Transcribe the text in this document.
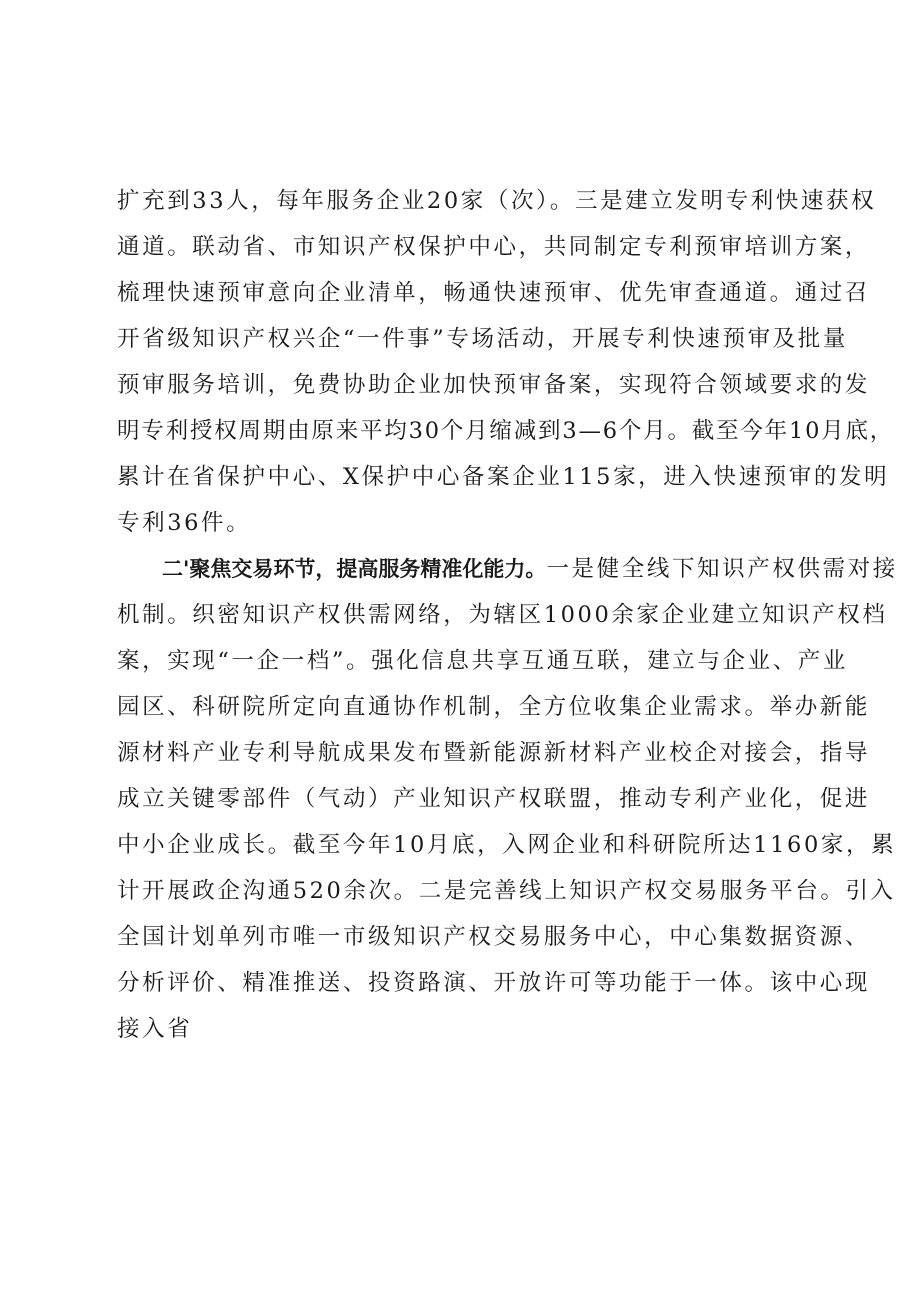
扩充到33人，每年服务企业20家（次）。三是建立发明专利快速获权
通道。联动省、市知识产权保护中心，共同制定专利预审培训方案，
梳理快速预审意向企业清单，畅通快速预审、优先审查通道。通过召
开省级知识产权兴企“一件事”专场活动，开展专利快速预审及批量
预审服务培训，免费协助企业加快预审备案，实现符合领域要求的发
明专利授权周期由原来平均30个月缩减到3—6个月。截至今年10月底，
累计在省保护中心、X保护中心备案企业115家，进入快速预审的发明
专利36件。
二'聚焦交易环节，提高服务精准化能力。一是健全线下知识产权供需对接
机制。织密知识产权供需网络，为辖区1000余家企业建立知识产权档
案，实现“一企一档”。强化信息共享互通互联，建立与企业、产业
园区、科研院所定向直通协作机制，全方位收集企业需求。举办新能
源材料产业专利导航成果发布暨新能源新材料产业校企对接会，指导
成立关键零部件（气动）产业知识产权联盟，推动专利产业化，促进
中小企业成长。截至今年10月底，入网企业和科研院所达1160家，累
计开展政企沟通520余次。二是完善线上知识产权交易服务平台。引入
全国计划单列市唯一市级知识产权交易服务中心，中心集数据资源、
分析评价、精准推送、投资路演、开放许可等功能于一体。该中心现
接入省
